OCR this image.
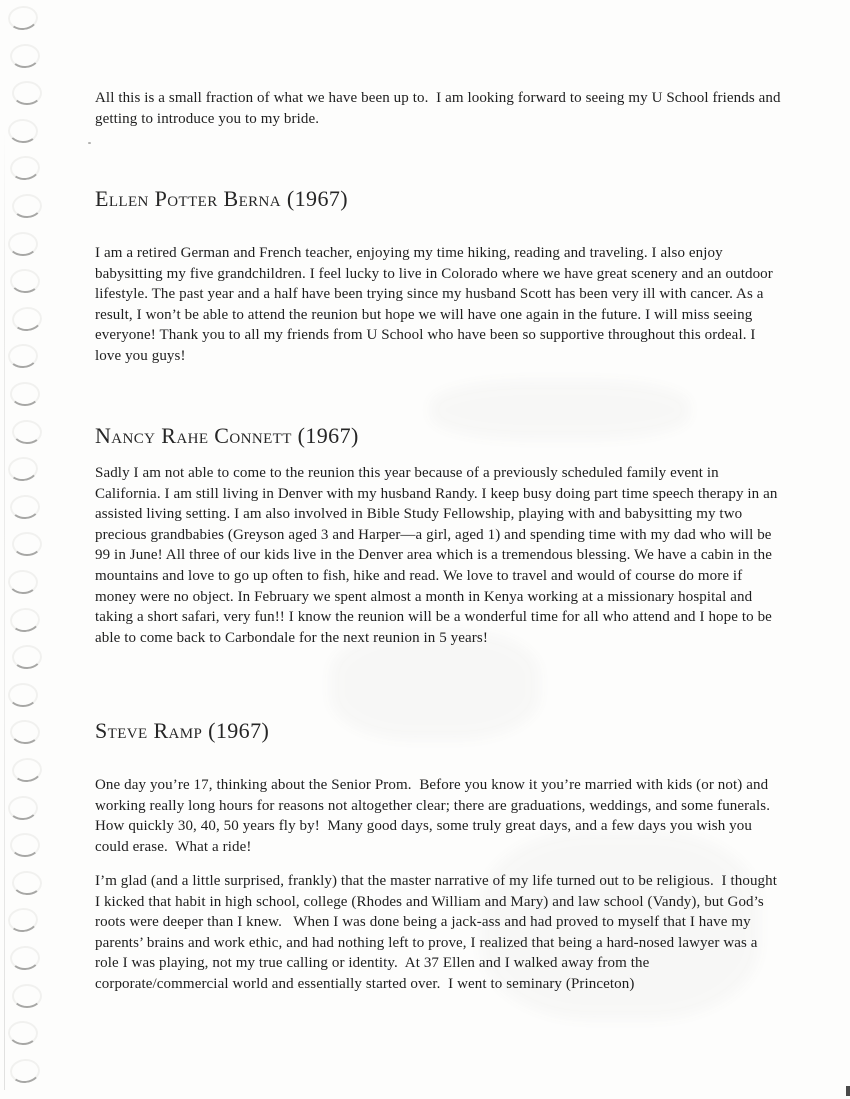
All this is a small fraction of what we have been up to.  I am looking forward to seeing my U School friends and getting to introduce you to my bride.

Ellen Potter Berna (1967)

I am a retired German and French teacher, enjoying my time hiking, reading and traveling. I also enjoy babysitting my five grandchildren. I feel lucky to live in Colorado where we have great scenery and an outdoor lifestyle. The past year and a half have been trying since my husband Scott has been very ill with cancer. As a result, I won’t be able to attend the reunion but hope we will have one again in the future. I will miss seeing everyone! Thank you to all my friends from U School who have been so supportive throughout this ordeal. I love you guys!

Nancy Rahe Connett (1967)

Sadly I am not able to come to the reunion this year because of a previously scheduled family event in California. I am still living in Denver with my husband Randy. I keep busy doing part time speech therapy in an assisted living setting. I am also involved in Bible Study Fellowship, playing with and babysitting my two precious grandbabies (Greyson aged 3 and Harper—a girl, aged 1) and spending time with my dad who will be 99 in June! All three of our kids live in the Denver area which is a tremendous blessing. We have a cabin in the mountains and love to go up often to fish, hike and read. We love to travel and would of course do more if money were no object. In February we spent almost a month in Kenya working at a missionary hospital and taking a short safari, very fun!! I know the reunion will be a wonderful time for all who attend and I hope to be able to come back to Carbondale for the next reunion in 5 years!

Steve Ramp (1967)

One day you’re 17, thinking about the Senior Prom.  Before you know it you’re married with kids (or not) and working really long hours for reasons not altogether clear; there are graduations, weddings, and some funerals.  How quickly 30, 40, 50 years fly by!  Many good days, some truly great days, and a few days you wish you could erase.  What a ride!

I’m glad (and a little surprised, frankly) that the master narrative of my life turned out to be religious.  I thought I kicked that habit in high school, college (Rhodes and William and Mary) and law school (Vandy), but God’s roots were deeper than I knew.   When I was done being a jack-ass and had proved to myself that I have my parents’ brains and work ethic, and had nothing left to prove, I realized that being a hard-nosed lawyer was a role I was playing, not my true calling or identity.  At 37 Ellen and I walked away from the corporate/commercial world and essentially started over.  I went to seminary (Princeton)
